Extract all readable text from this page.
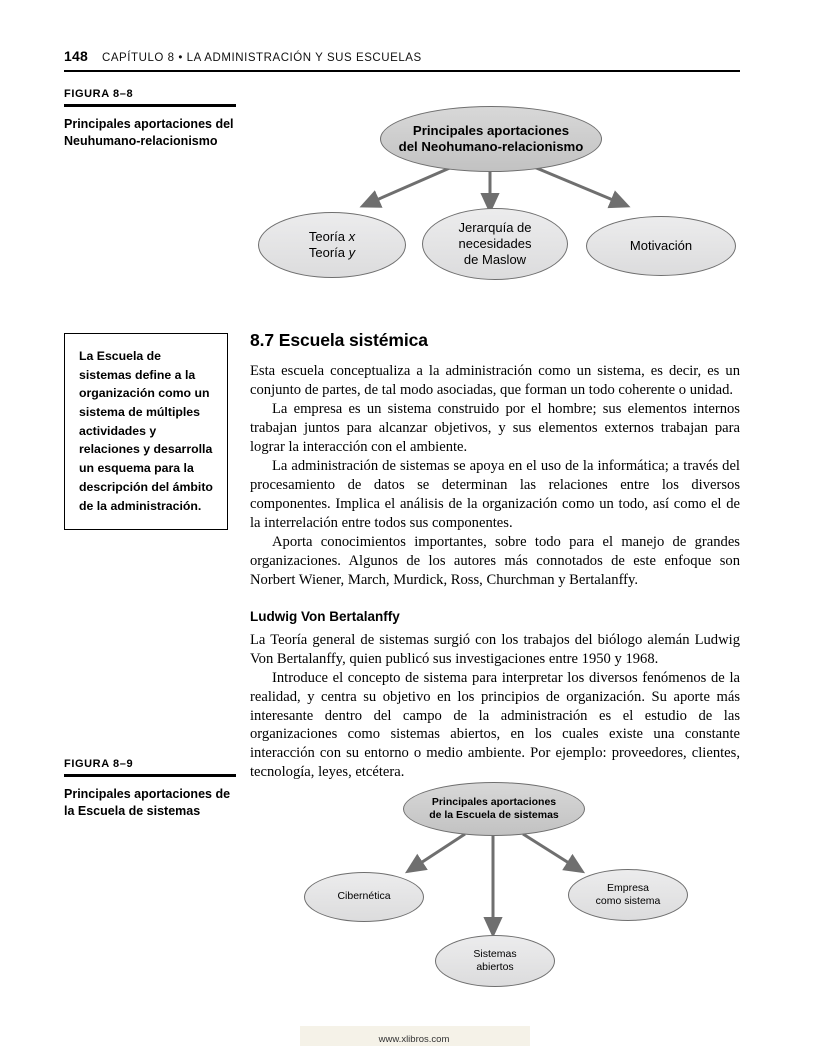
148 CAPÍTULO 8 • LA ADMINISTRACIÓN Y SUS ESCUELAS
FIGURA 8–8
Principales aportaciones del Neuhumano-relacionismo
Principales aportaciones
del Neohumano-relacionismo
Teoría x
Teoría y
Jerarquía de
necesidades
de Maslow
Motivación
La Escuela de sistemas define a la organización como un sistema de múltiples actividades y relaciones y desarrolla un esquema para la descripción del ámbito de la administración.
8.7 Escuela sistémica

Esta escuela conceptualiza a la administración como un sistema, es decir, es un conjunto de partes, de tal modo asociadas, que forman un todo coherente o unidad.

La empresa es un sistema construido por el hombre; sus elementos internos trabajan juntos para alcanzar objetivos, y sus elementos externos trabajan para lograr la interacción con el ambiente.

La administración de sistemas se apoya en el uso de la informática; a través del procesamiento de datos se determinan las relaciones entre los diversos componentes. Implica el análisis de la organización como un todo, así como el de la interrelación entre todos sus componentes.

Aporta conocimientos importantes, sobre todo para el manejo de grandes organizaciones. Algunos de los autores más connotados de este enfoque son Norbert Wiener, March, Murdick, Ross, Churchman y Bertalanffy.

Ludwig Von Bertalanffy

La Teoría general de sistemas surgió con los trabajos del biólogo alemán Ludwig Von Bertalanffy, quien publicó sus investigaciones entre 1950 y 1968.

Introduce el concepto de sistema para interpretar los diversos fenómenos de la realidad, y centra su objetivo en los principios de organización. Su aporte más interesante dentro del campo de la administración es el estudio de las organizaciones como sistemas abiertos, en los cuales existe una constante interacción con su entorno o medio ambiente. Por ejemplo: proveedores, clientes, tecnología, leyes, etcétera.

FIGURA 8–9
Principales aportaciones de la Escuela de sistemas
Principales aportaciones
de la Escuela de sistemas
Cibernética
Sistemas
abiertos
Empresa
como sistema
www.xlibros.com
